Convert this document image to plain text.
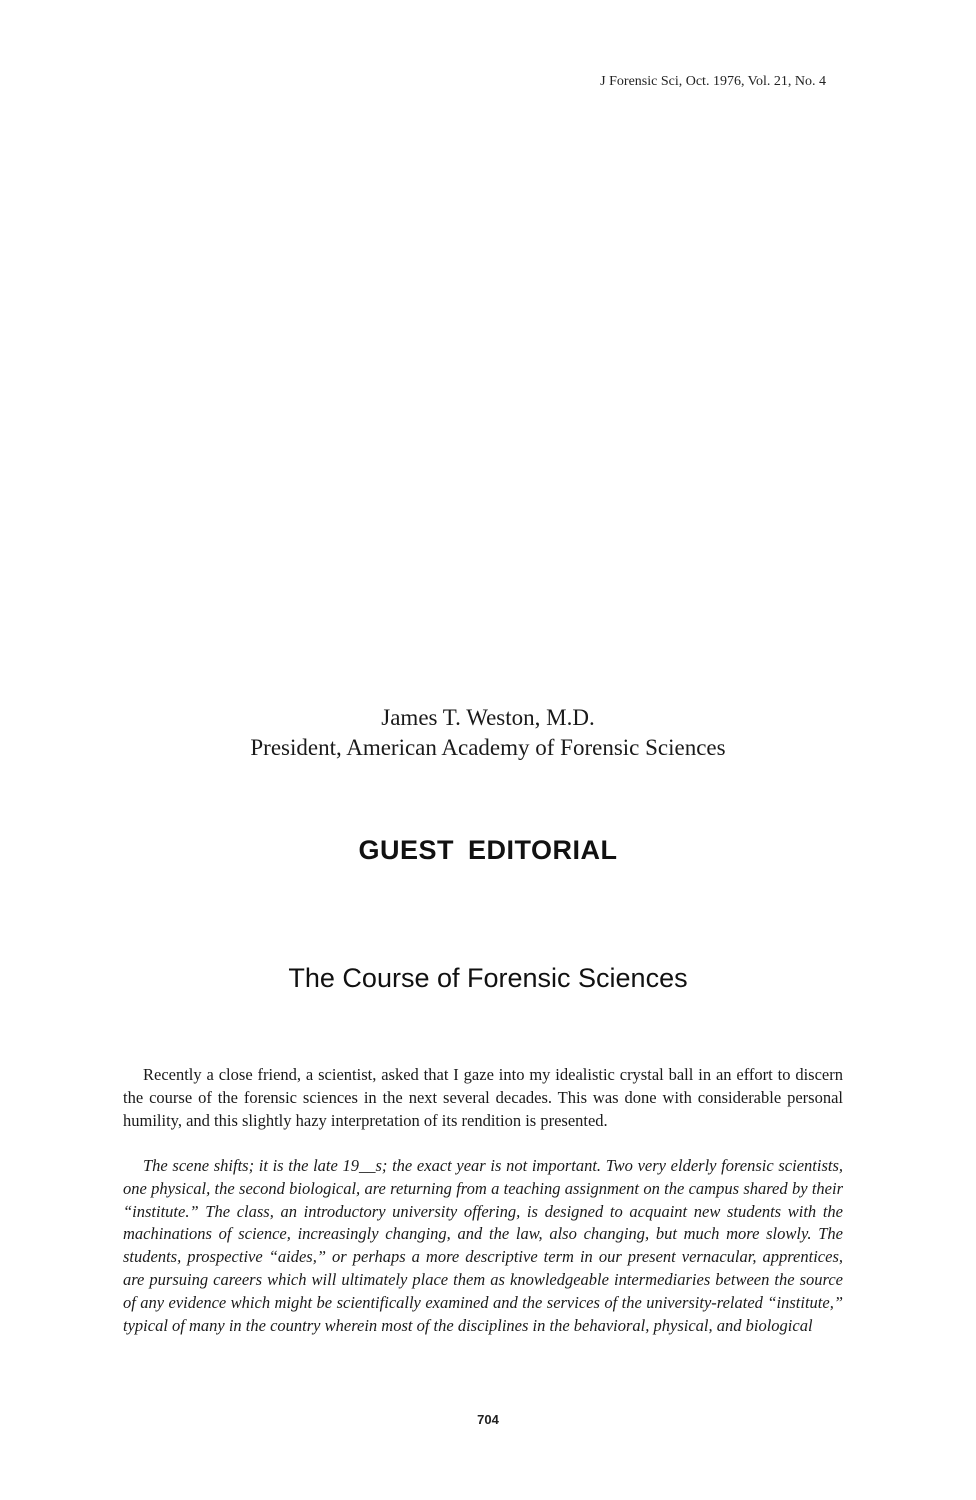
J Forensic Sci, Oct. 1976, Vol. 21, No. 4
James T. Weston, M.D.
President, American Academy of Forensic Sciences
GUEST EDITORIAL
The Course of Forensic Sciences

Recently a close friend, a scientist, asked that I gaze into my idealistic crystal ball in an effort to discern the course of the forensic sciences in the next several decades. This was done with considerable personal humility, and this slightly hazy interpretation of its rendition is presented.

The scene shifts; it is the late 19__s; the exact year is not important. Two very elderly forensic scientists, one physical, the second biological, are returning from a teaching assignment on the campus shared by their “institute.” The class, an introductory university offering, is designed to acquaint new students with the machinations of science, increasingly changing, and the law, also changing, but much more slowly. The students, prospective “aides,” or perhaps a more descriptive term in our present vernacular, apprentices, are pursuing careers which will ultimately place them as knowledgeable intermediaries between the source of any evidence which might be scientifically examined and the services of the university-related “institute,” typical of many in the country wherein most of the disciplines in the behavioral, physical, and biological

704
